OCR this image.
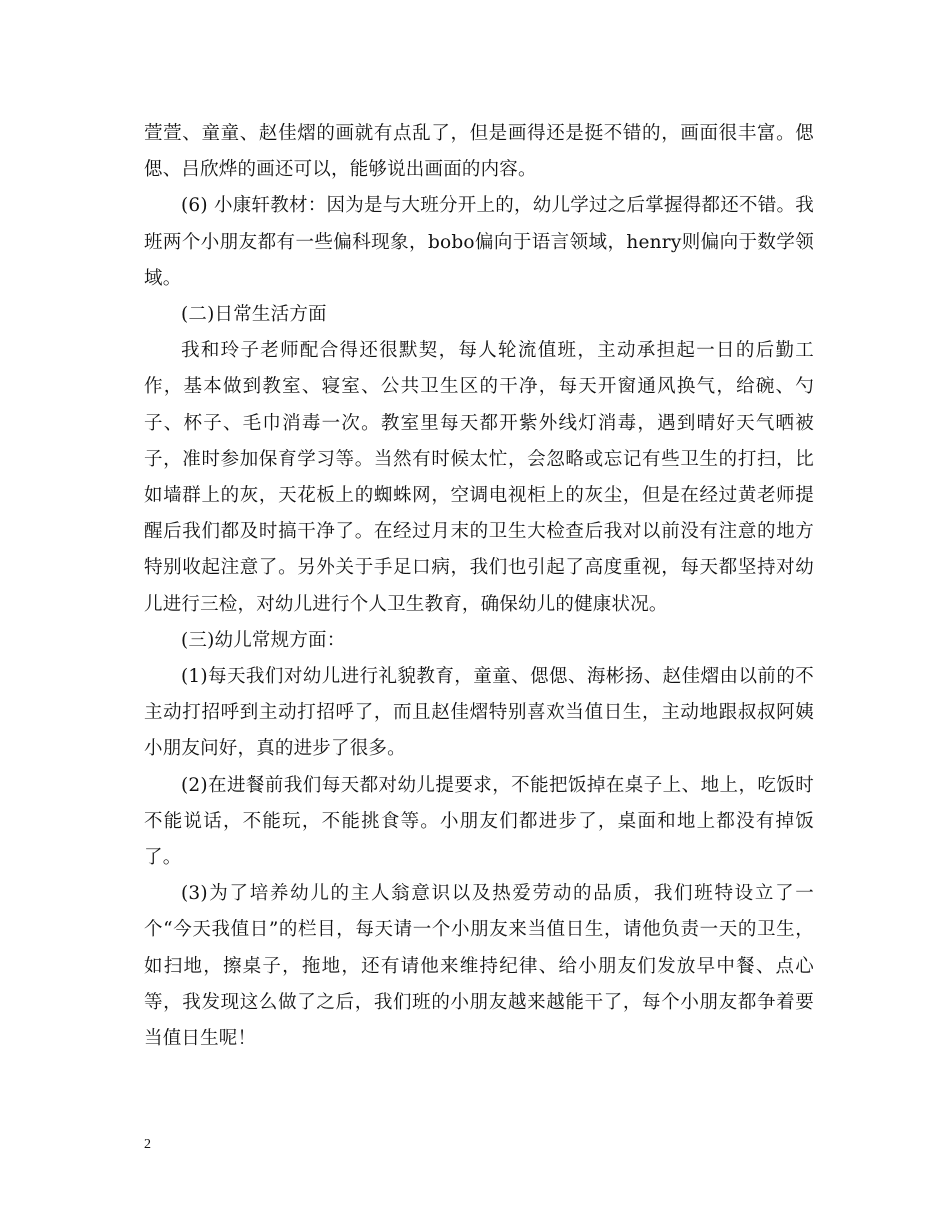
萱萱、童童、赵佳熠的画就有点乱了，但是画得还是挺不错的，画面很丰富。偲偲、吕欣烨的画还可以，能够说出画面的内容。

(6) 小康轩教材：因为是与大班分开上的，幼儿学过之后掌握得都还不错。我班两个小朋友都有一些偏科现象，bobo偏向于语言领域，henry则偏向于数学领域。

(二)日常生活方面

我和玲子老师配合得还很默契，每人轮流值班，主动承担起一日的后勤工作，基本做到教室、寝室、公共卫生区的干净，每天开窗通风换气，给碗、勺子、杯子、毛巾消毒一次。教室里每天都开紫外线灯消毒，遇到晴好天气晒被子，准时参加保育学习等。当然有时候太忙，会忽略或忘记有些卫生的打扫，比如墙群上的灰，天花板上的蜘蛛网，空调电视柜上的灰尘，但是在经过黄老师提醒后我们都及时搞干净了。在经过月末的卫生大检查后我对以前没有注意的地方特别收起注意了。另外关于手足口病，我们也引起了高度重视，每天都坚持对幼儿进行三检，对幼儿进行个人卫生教育，确保幼儿的健康状况。

(三)幼儿常规方面：

(1)每天我们对幼儿进行礼貌教育，童童、偲偲、海彬扬、赵佳熠由以前的不主动打招呼到主动打招呼了，而且赵佳熠特别喜欢当值日生，主动地跟叔叔阿姨小朋友问好，真的进步了很多。

(2)在进餐前我们每天都对幼儿提要求，不能把饭掉在桌子上、地上，吃饭时不能说话，不能玩，不能挑食等。小朋友们都进步了，桌面和地上都没有掉饭了。

(3)为了培养幼儿的主人翁意识以及热爱劳动的品质，我们班特设立了一个“今天我值日”的栏目，每天请一个小朋友来当值日生，请他负责一天的卫生，如扫地，擦桌子，拖地，还有请他来维持纪律、给小朋友们发放早中餐、点心等，我发现这么做了之后，我们班的小朋友越来越能干了，每个小朋友都争着要当值日生呢！

2
